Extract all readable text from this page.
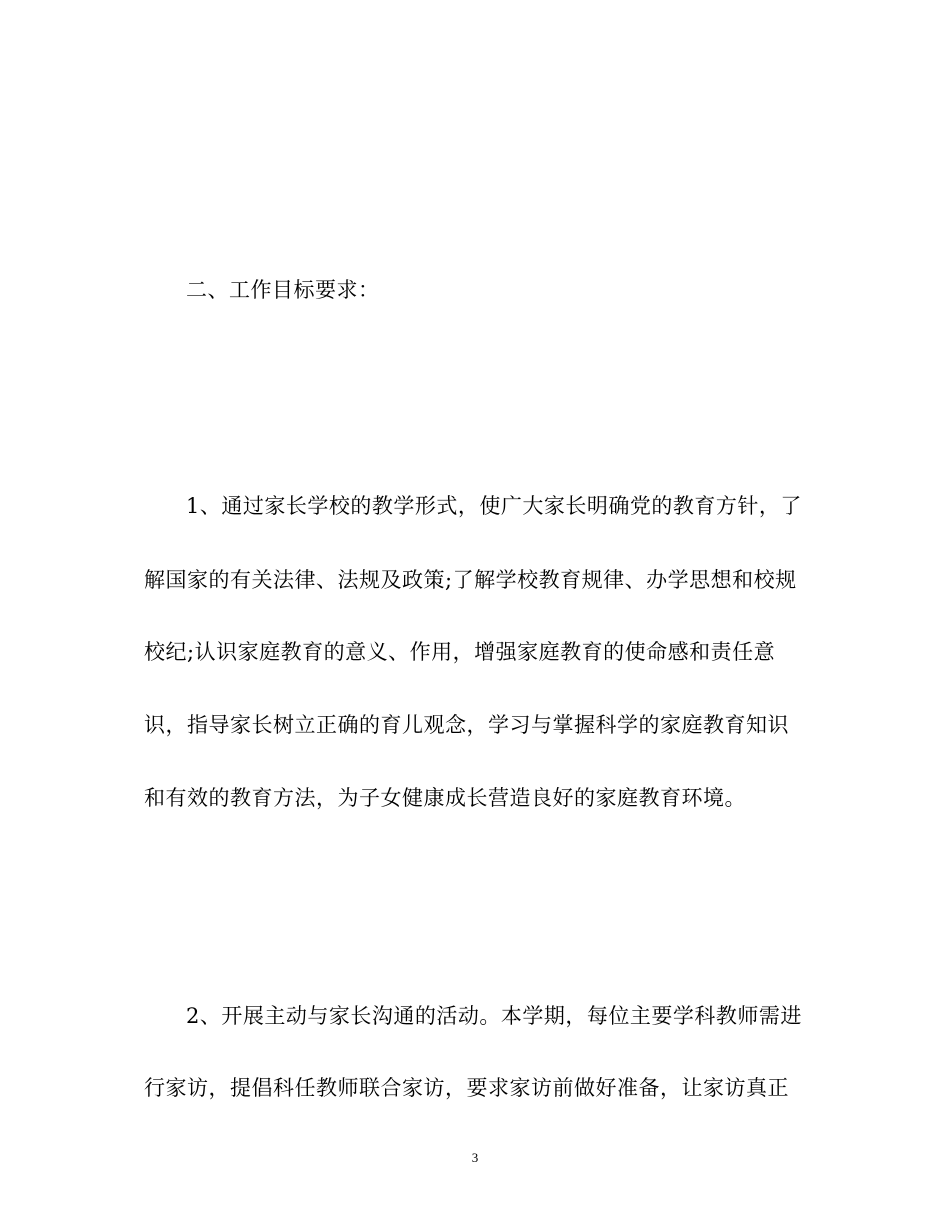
二、工作目标要求：
1、通过家长学校的教学形式，使广大家长明确党的教育方针，了
解国家的有关法律、法规及政策;了解学校教育规律、办学思想和校规
校纪;认识家庭教育的意义、作用，增强家庭教育的使命感和责任意
识，指导家长树立正确的育儿观念，学习与掌握科学的家庭教育知识
和有效的教育方法，为子女健康成长营造良好的家庭教育环境。
2、开展主动与家长沟通的活动。本学期，每位主要学科教师需进
行家访，提倡科任教师联合家访，要求家访前做好准备，让家访真正
3
